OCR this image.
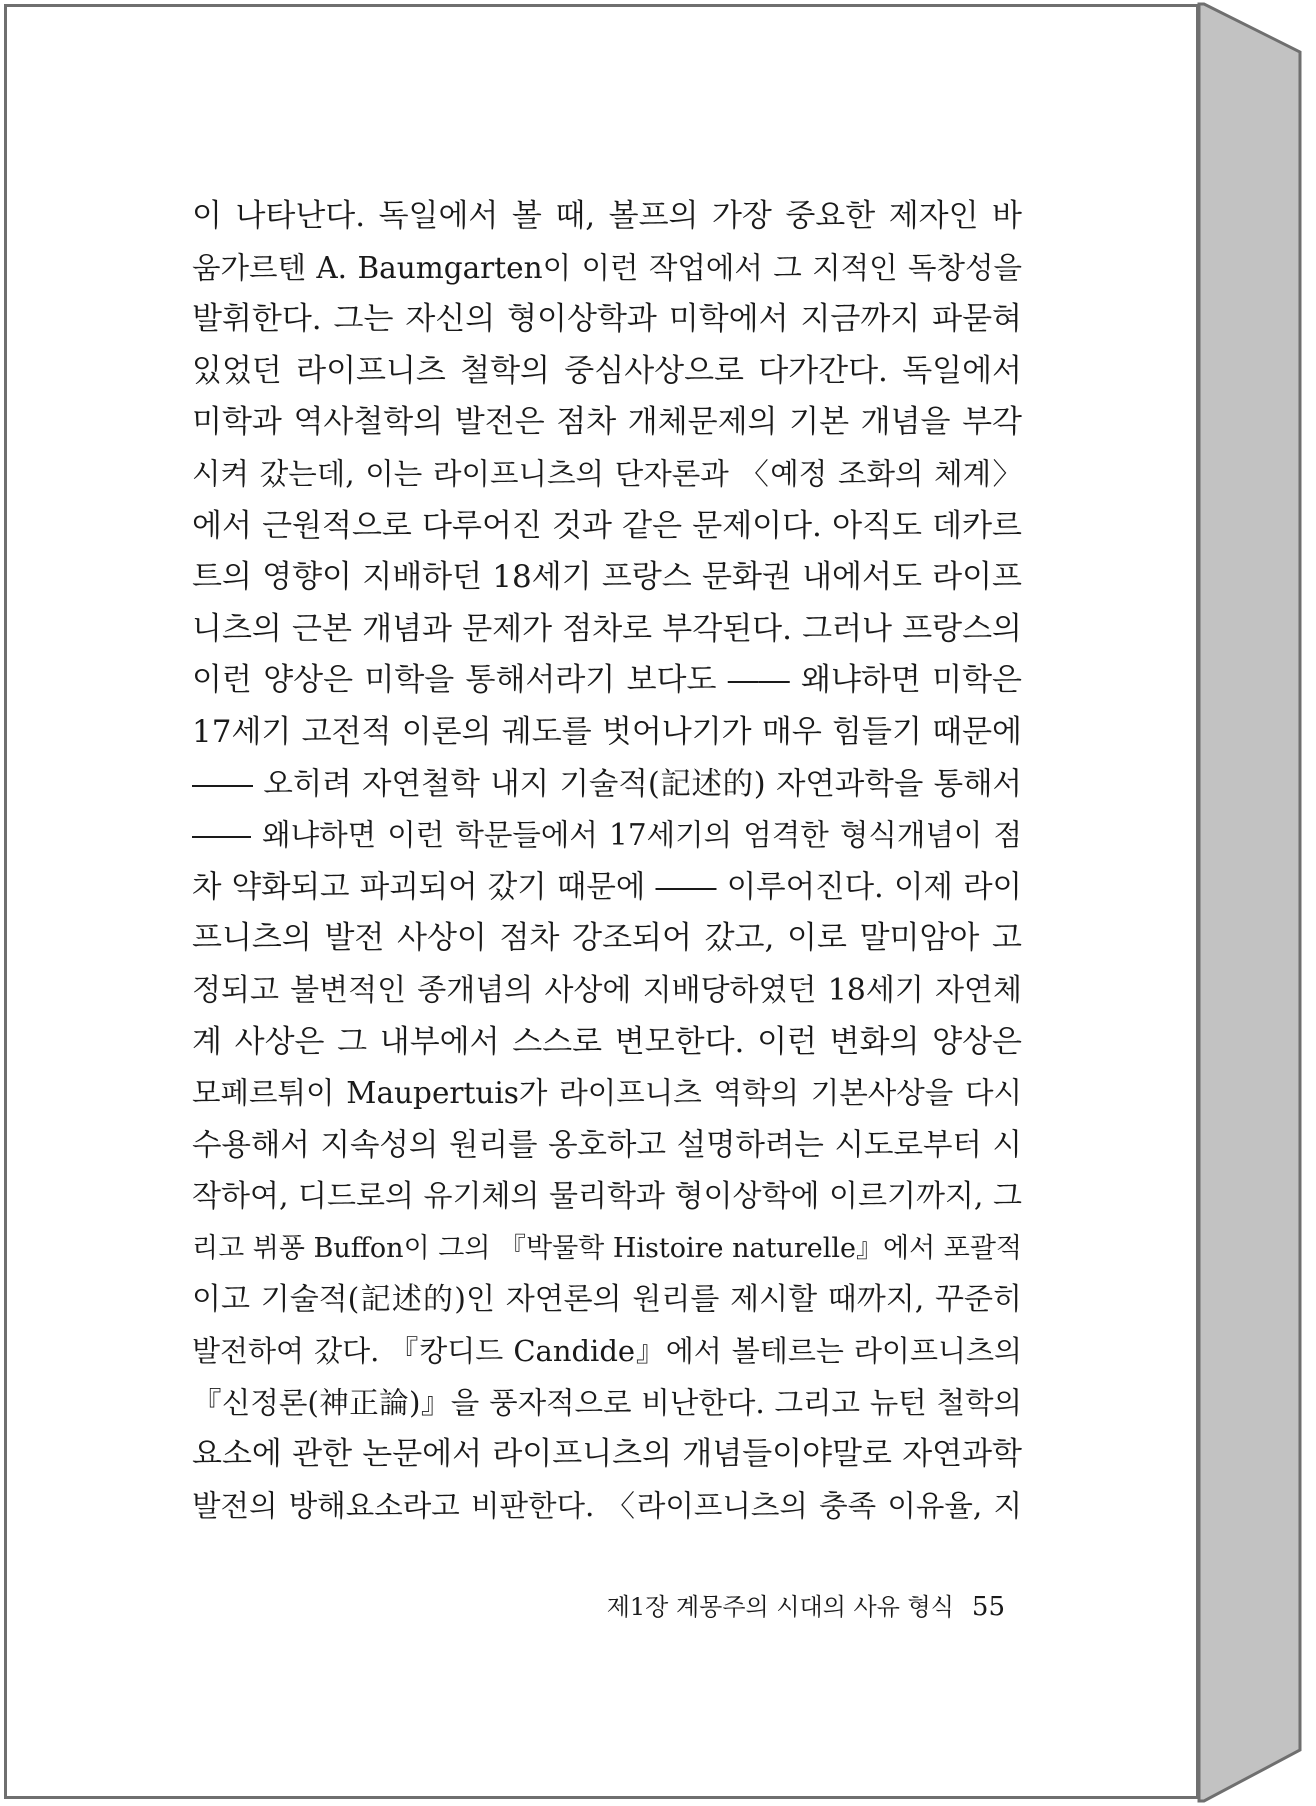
이 나타난다. 독일에서 볼 때, 볼프의 가장 중요한 제자인 바
움가르텐 A. Baumgarten이 이런 작업에서 그 지적인 독창성을
발휘한다. 그는 자신의 형이상학과 미학에서 지금까지 파묻혀
있었던 라이프니츠 철학의 중심사상으로 다가간다. 독일에서
미학과 역사철학의 발전은 점차 개체문제의 기본 개념을 부각
시켜 갔는데, 이는 라이프니츠의 단자론과 〈예정 조화의 체계〉
에서 근원적으로 다루어진 것과 같은 문제이다. 아직도 데카르
트의 영향이 지배하던 18세기 프랑스 문화권 내에서도 라이프
니츠의 근본 개념과 문제가 점차로 부각된다. 그러나 프랑스의
이런 양상은 미학을 통해서라기 보다도 ―― 왜냐하면 미학은
17세기 고전적 이론의 궤도를 벗어나기가 매우 힘들기 때문에
―― 오히려 자연철학 내지 기술적(記述的) 자연과학을 통해서
―― 왜냐하면 이런 학문들에서 17세기의 엄격한 형식개념이 점
차 약화되고 파괴되어 갔기 때문에 ―― 이루어진다. 이제 라이
프니츠의 발전 사상이 점차 강조되어 갔고, 이로 말미암아 고
정되고 불변적인 종개념의 사상에 지배당하였던 18세기 자연체
계 사상은 그 내부에서 스스로 변모한다. 이런 변화의 양상은
모페르튀이 Maupertuis가 라이프니츠 역학의 기본사상을 다시
수용해서 지속성의 원리를 옹호하고 설명하려는 시도로부터 시
작하여, 디드로의 유기체의 물리학과 형이상학에 이르기까지, 그
리고 뷔퐁 Buffon이 그의 『박물학 Histoire naturelle』에서 포괄적
이고 기술적(記述的)인 자연론의 원리를 제시할 때까지, 꾸준히
발전하여 갔다. 『캉디드 Candide』에서 볼테르는 라이프니츠의
『신정론(神正論)』을 풍자적으로 비난한다. 그리고 뉴턴 철학의
요소에 관한 논문에서 라이프니츠의 개념들이야말로 자연과학
발전의 방해요소라고 비판한다. 〈라이프니츠의 충족 이유율, 지
제1장 계몽주의 시대의 사유 형식 55
